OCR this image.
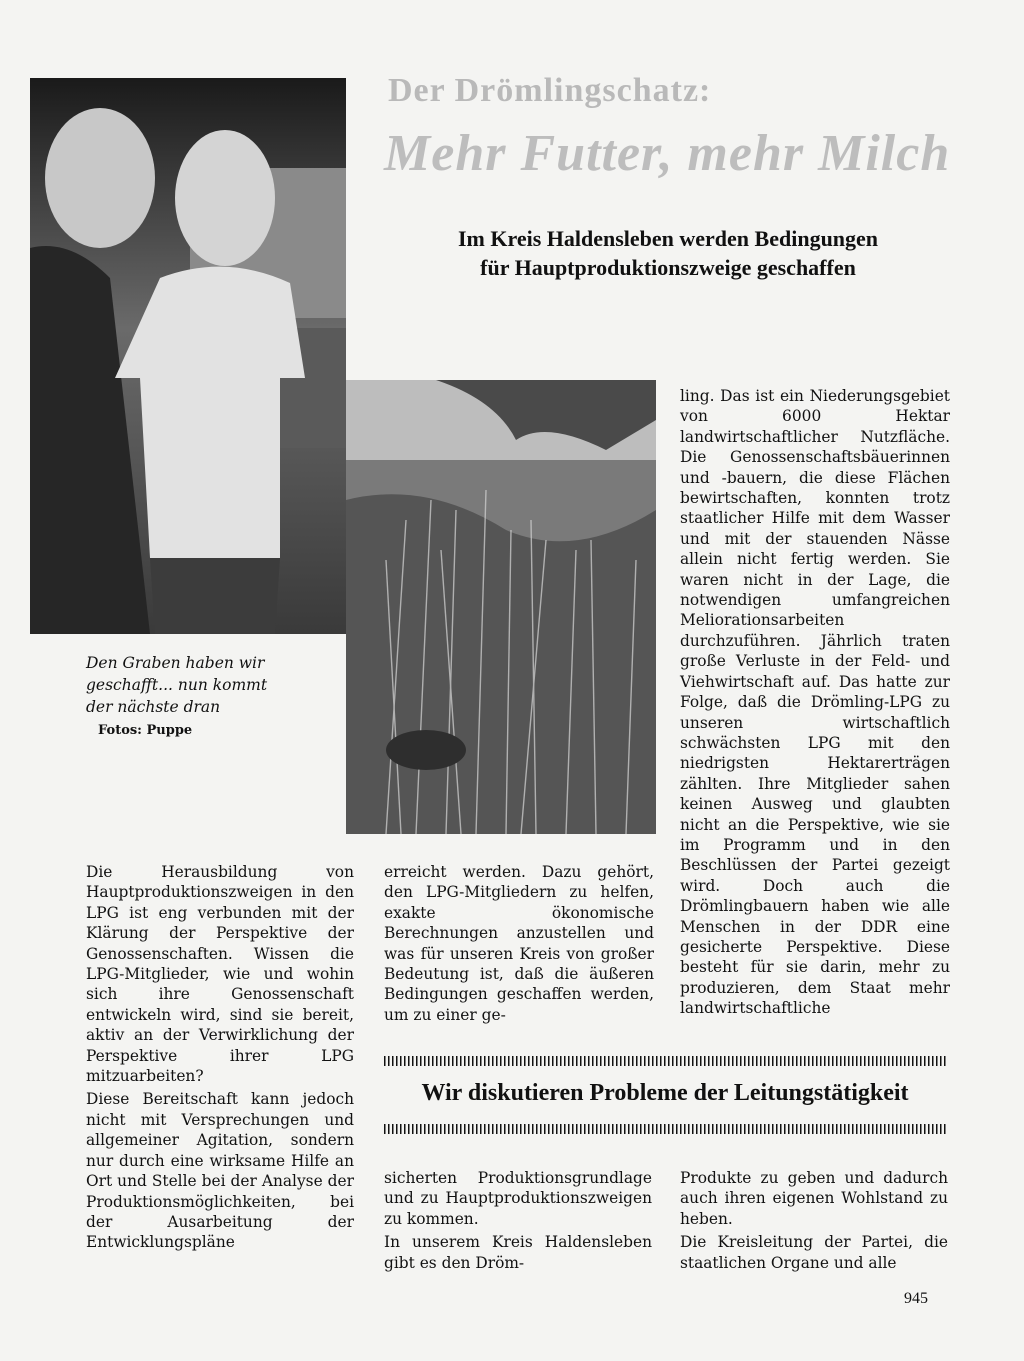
Der Drömlingschatz:
Mehr Futter, mehr Milch
Im Kreis Haldensleben werden Bedingungen
für Hauptproduktionszweige geschaffen
Den Graben haben wir geschafft... nun kommt der nächste dran Fotos: Puppe

ling. Das ist ein Niederungsgebiet von 6000 Hektar landwirtschaftlicher Nutzfläche. Die Genossenschaftsbäuerinnen und -bauern, die diese Flächen bewirtschaften, konnten trotz staatlicher Hilfe mit dem Wasser und mit der stauenden Nässe allein nicht fertig werden. Sie waren nicht in der Lage, die notwendigen umfangreichen Meliorationsarbeiten durchzuführen. Jährlich traten große Verluste in der Feld- und Viehwirtschaft auf. Das hatte zur Folge, daß die Drömling-LPG zu unseren wirtschaftlich schwächsten LPG mit den niedrigsten Hektarerträgen zählten. Ihre Mitglieder sahen keinen Ausweg und glaubten nicht an die Perspektive, wie sie im Programm und in den Beschlüssen der Partei gezeigt wird. Doch auch die Drömlingbauern haben wie alle Menschen in der DDR eine gesicherte Perspektive. Diese besteht für sie darin, mehr zu produzieren, dem Staat mehr landwirtschaftliche

Die Herausbildung von Hauptproduktionszweigen in den LPG ist eng verbunden mit der Klärung der Perspektive der Genossenschaften. Wissen die LPG-Mitglieder, wie und wohin sich ihre Genossenschaft entwickeln wird, sind sie bereit, aktiv an der Verwirklichung der Perspektive ihrer LPG mitzuarbeiten?

Diese Bereitschaft kann jedoch nicht mit Versprechungen und allgemeiner Agitation, sondern nur durch eine wirksame Hilfe an Ort und Stelle bei der Analyse der Produktionsmöglichkeiten, bei der Ausarbeitung der Entwicklungspläne

erreicht werden. Dazu gehört, den LPG-Mitgliedern zu helfen, exakte ökonomische Berechnungen anzustellen und was für unseren Kreis von großer Bedeutung ist, daß die äußeren Bedingungen geschaffen werden, um zu einer ge-

Wir diskutieren Probleme der Leitungstätigkeit

sicherten Produktionsgrundlage und zu Hauptproduktionszweigen zu kommen.

In unserem Kreis Haldensleben gibt es den Dröm-

Produkte zu geben und dadurch auch ihren eigenen Wohlstand zu heben.

Die Kreisleitung der Partei, die staatlichen Organe und alle

945
